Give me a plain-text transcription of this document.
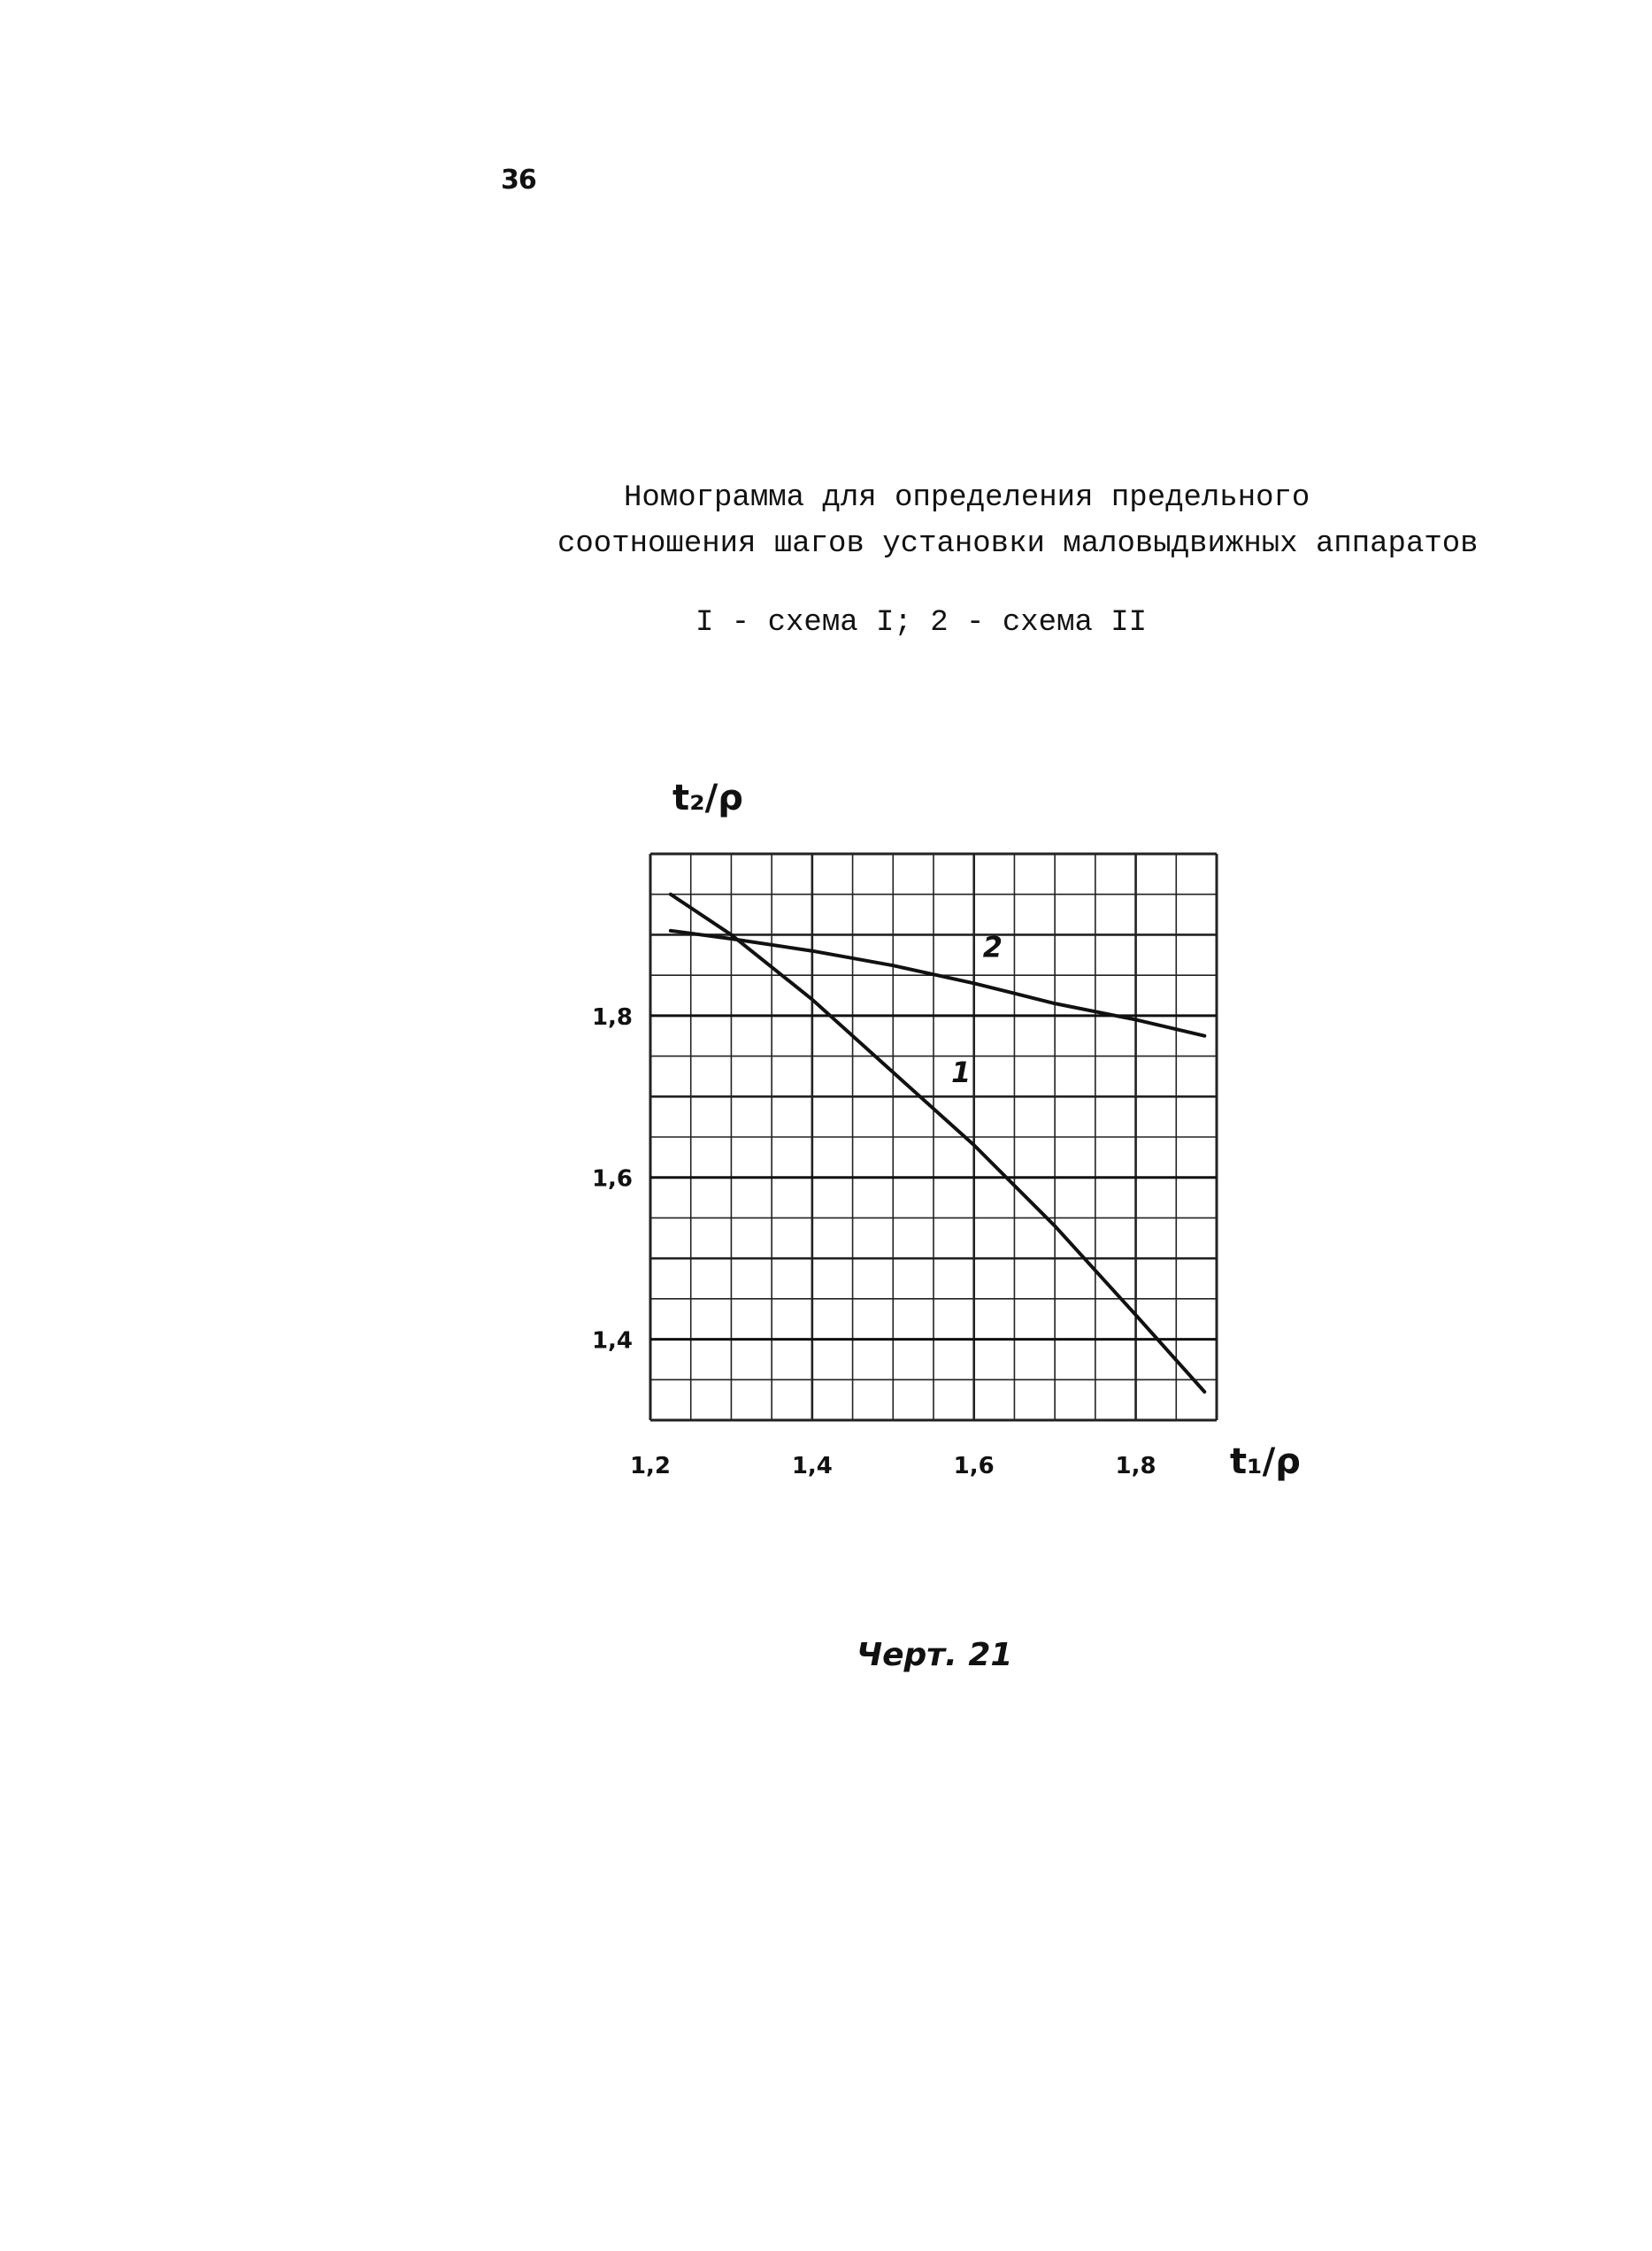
36
Номограмма для определения предельного
соотношения шагов установки маловыдвижных аппаратов
I - схема I; 2 - схема II
1
2
1,2	1,4	1,6	1,8
1,8
1,6
1,4
t₂/ρ
t₁/ρ
Черт. 21
